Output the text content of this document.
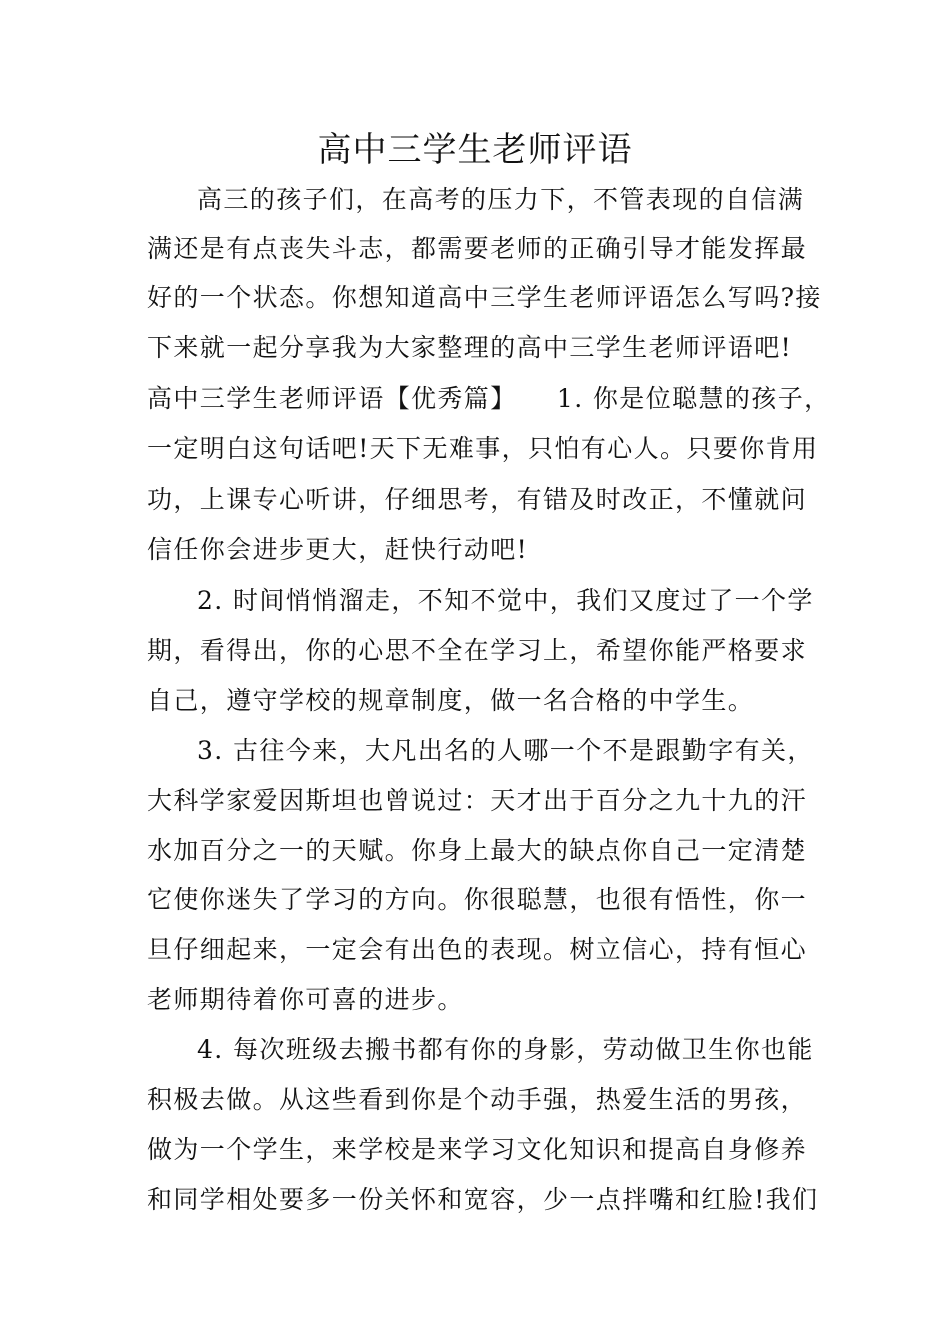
高中三学生老师评语
高三的孩子们，在高考的压力下，不管表现的自信满
满还是有点丧失斗志，都需要老师的正确引导才能发挥最
好的一个状态。你想知道高中三学生老师评语怎么写吗?接
下来就一起分享我为大家整理的高中三学生老师评语吧!
高中三学生老师评语【优秀篇】　　1. 你是位聪慧的孩子，
一定明白这句话吧!天下无难事，只怕有心人。只要你肯用
功，上课专心听讲，仔细思考，有错及时改正，不懂就问
信任你会进步更大，赶快行动吧!
2. 时间悄悄溜走，不知不觉中，我们又度过了一个学
期，看得出，你的心思不全在学习上，希望你能严格要求
自己，遵守学校的规章制度，做一名合格的中学生。
3. 古往今来，大凡出名的人哪一个不是跟勤字有关，
大科学家爱因斯坦也曾说过：天才出于百分之九十九的汗
水加百分之一的天赋。你身上最大的缺点你自己一定清楚
它使你迷失了学习的方向。你很聪慧，也很有悟性，你一
旦仔细起来，一定会有出色的表现。树立信心，持有恒心
老师期待着你可喜的进步。
4. 每次班级去搬书都有你的身影，劳动做卫生你也能
积极去做。从这些看到你是个动手强，热爱生活的男孩，
做为一个学生，来学校是来学习文化知识和提高自身修养
和同学相处要多一份关怀和宽容，少一点拌嘴和红脸!我们
